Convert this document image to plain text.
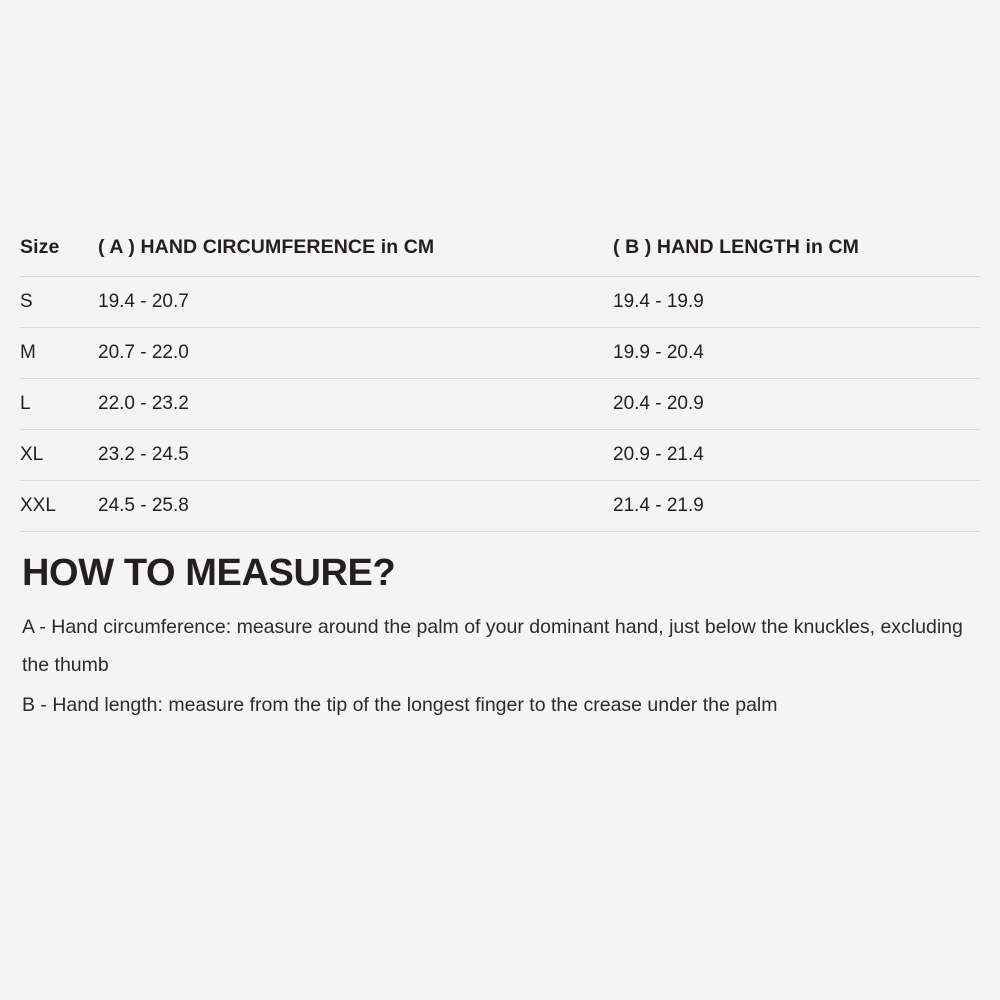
Size	( A ) HAND CIRCUMFERENCE in CM	( B ) HAND LENGTH in CM
S	19.4 - 20.7	19.4 - 19.9
M	20.7 - 22.0	19.9 - 20.4
L	22.0 - 23.2	20.4 - 20.9
XL	23.2 - 24.5	20.9 - 21.4
XXL	24.5 - 25.8	21.4 - 21.9
HOW TO MEASURE?

A - Hand circumference: measure around the palm of your dominant hand, just below the knuckles, excluding the thumb

B - Hand length: measure from the tip of the longest finger to the crease under the palm
